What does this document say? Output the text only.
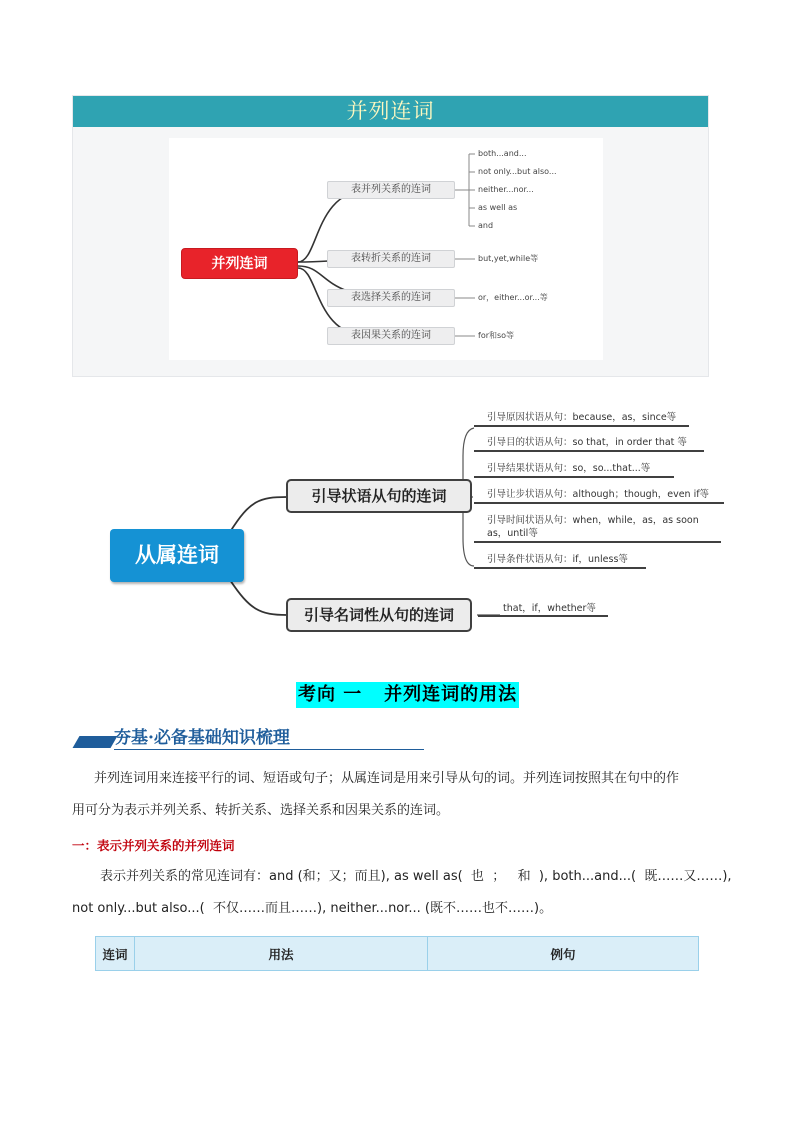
并列连词
并列连词
表并列关系的连词
表转折关系的连词
表选择关系的连词
表因果关系的连词
both...and...
not only...but also...
neither...nor...
as well as
and
but,yet,while等
or，either...or...等
for和so等
从属连词
引导状语从句的连词
引导名词性从句的连词
引导原因状语从句：because，as，since等
引导目的状语从句：so that，in order that 等
引导结果状语从句：so，so...that...等
引导让步状语从句：although；though，even if等
引导时间状语从句：when，while，as，as soon
as，until等
引导条件状语从句：if，unless等
that，if，whether等
考向 一   并列连词的用法
夯基·必备基础知识梳理
并列连词用来连接平行的词、短语或句子；从属连词是用来引导从句的词。并列连词按照其在句中的作
用可分为表示并列关系、转折关系、选择关系和因果关系的连词。
一：表示并列关系的并列连词
表示并列关系的常见连词有：and (和；又；而且), as well as(  也  ；   和  ), both...and...(  既……又……),
not only...but also...(  不仅……而且……), neither...nor... (既不……也不……)。
连词	用法	例句
